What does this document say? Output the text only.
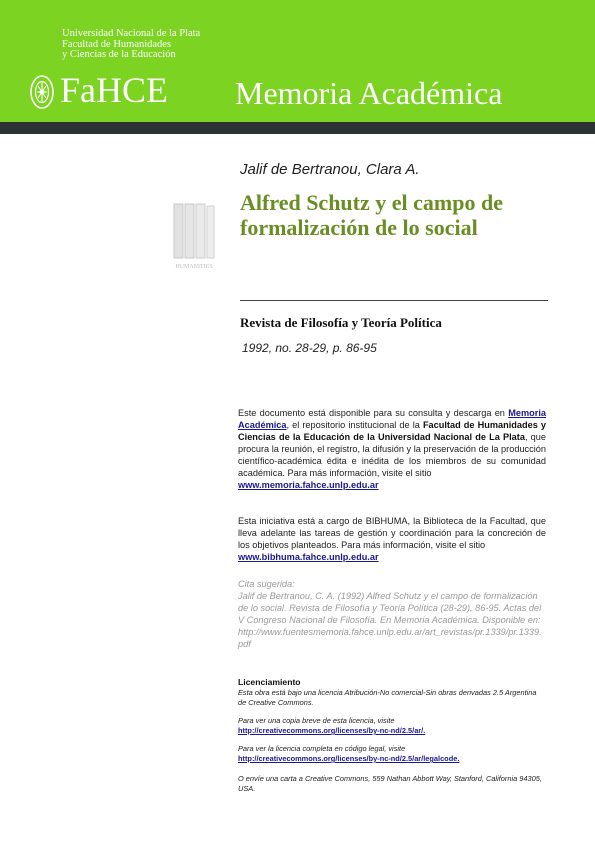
Universidad Nacional de la Plata
Facultad de Humanidades
y Ciencias de la Educación
FaHCE Memoria Académica
HUMANITIES
Jalif de Bertranou, Clara A.
Alfred Schutz y el campo de formalización de lo social
Revista de Filosofía y Teoría Política
1992, no. 28-29, p. 86-95
Este documento está disponible para su consulta y descarga en Memoria Académica, el repositorio institucional de la Facultad de Humanidades y Ciencias de la Educación de la Universidad Nacional de La Plata, que procura la reunión, el registro, la difusión y la preservación de la producción científico-académica édita e inédita de los miembros de su comunidad académica. Para más información, visite el sitio
www.memoria.fahce.unlp.edu.ar
Esta iniciativa está a cargo de BIBHUMA, la Biblioteca de la Facultad, que lleva adelante las tareas de gestión y coordinación para la concreción de los objetivos planteados. Para más información, visite el sitio
www.bibhuma.fahce.unlp.edu.ar
Cita sugerida:
Jalif de Bertranou, C. A. (1992) Alfred Schutz y el campo de formalización de lo social. Revista de Filosofía y Teoría Política (28-29), 86-95. Actas del V Congreso Nacional de Filosofía. En Memoria Académica. Disponible en: http://www.fuentesmemoria.fahce.unlp.edu.ar/art_revistas/pr.1339/pr.1339.pdf
Licenciamiento
Esta obra está bajo una licencia Atribución-No comercial-Sin obras derivadas 2.5 Argentina de Creative Commons.
Para ver una copia breve de esta licencia, visite
http://creativecommons.org/licenses/by-nc-nd/2.5/ar/.
Para ver la licencia completa en código legal, visite
http://creativecommons.org/licenses/by-nc-nd/2.5/ar/legalcode.
O envíe una carta a Creative Commons, 559 Nathan Abbott Way, Stanford, California 94305, USA.
